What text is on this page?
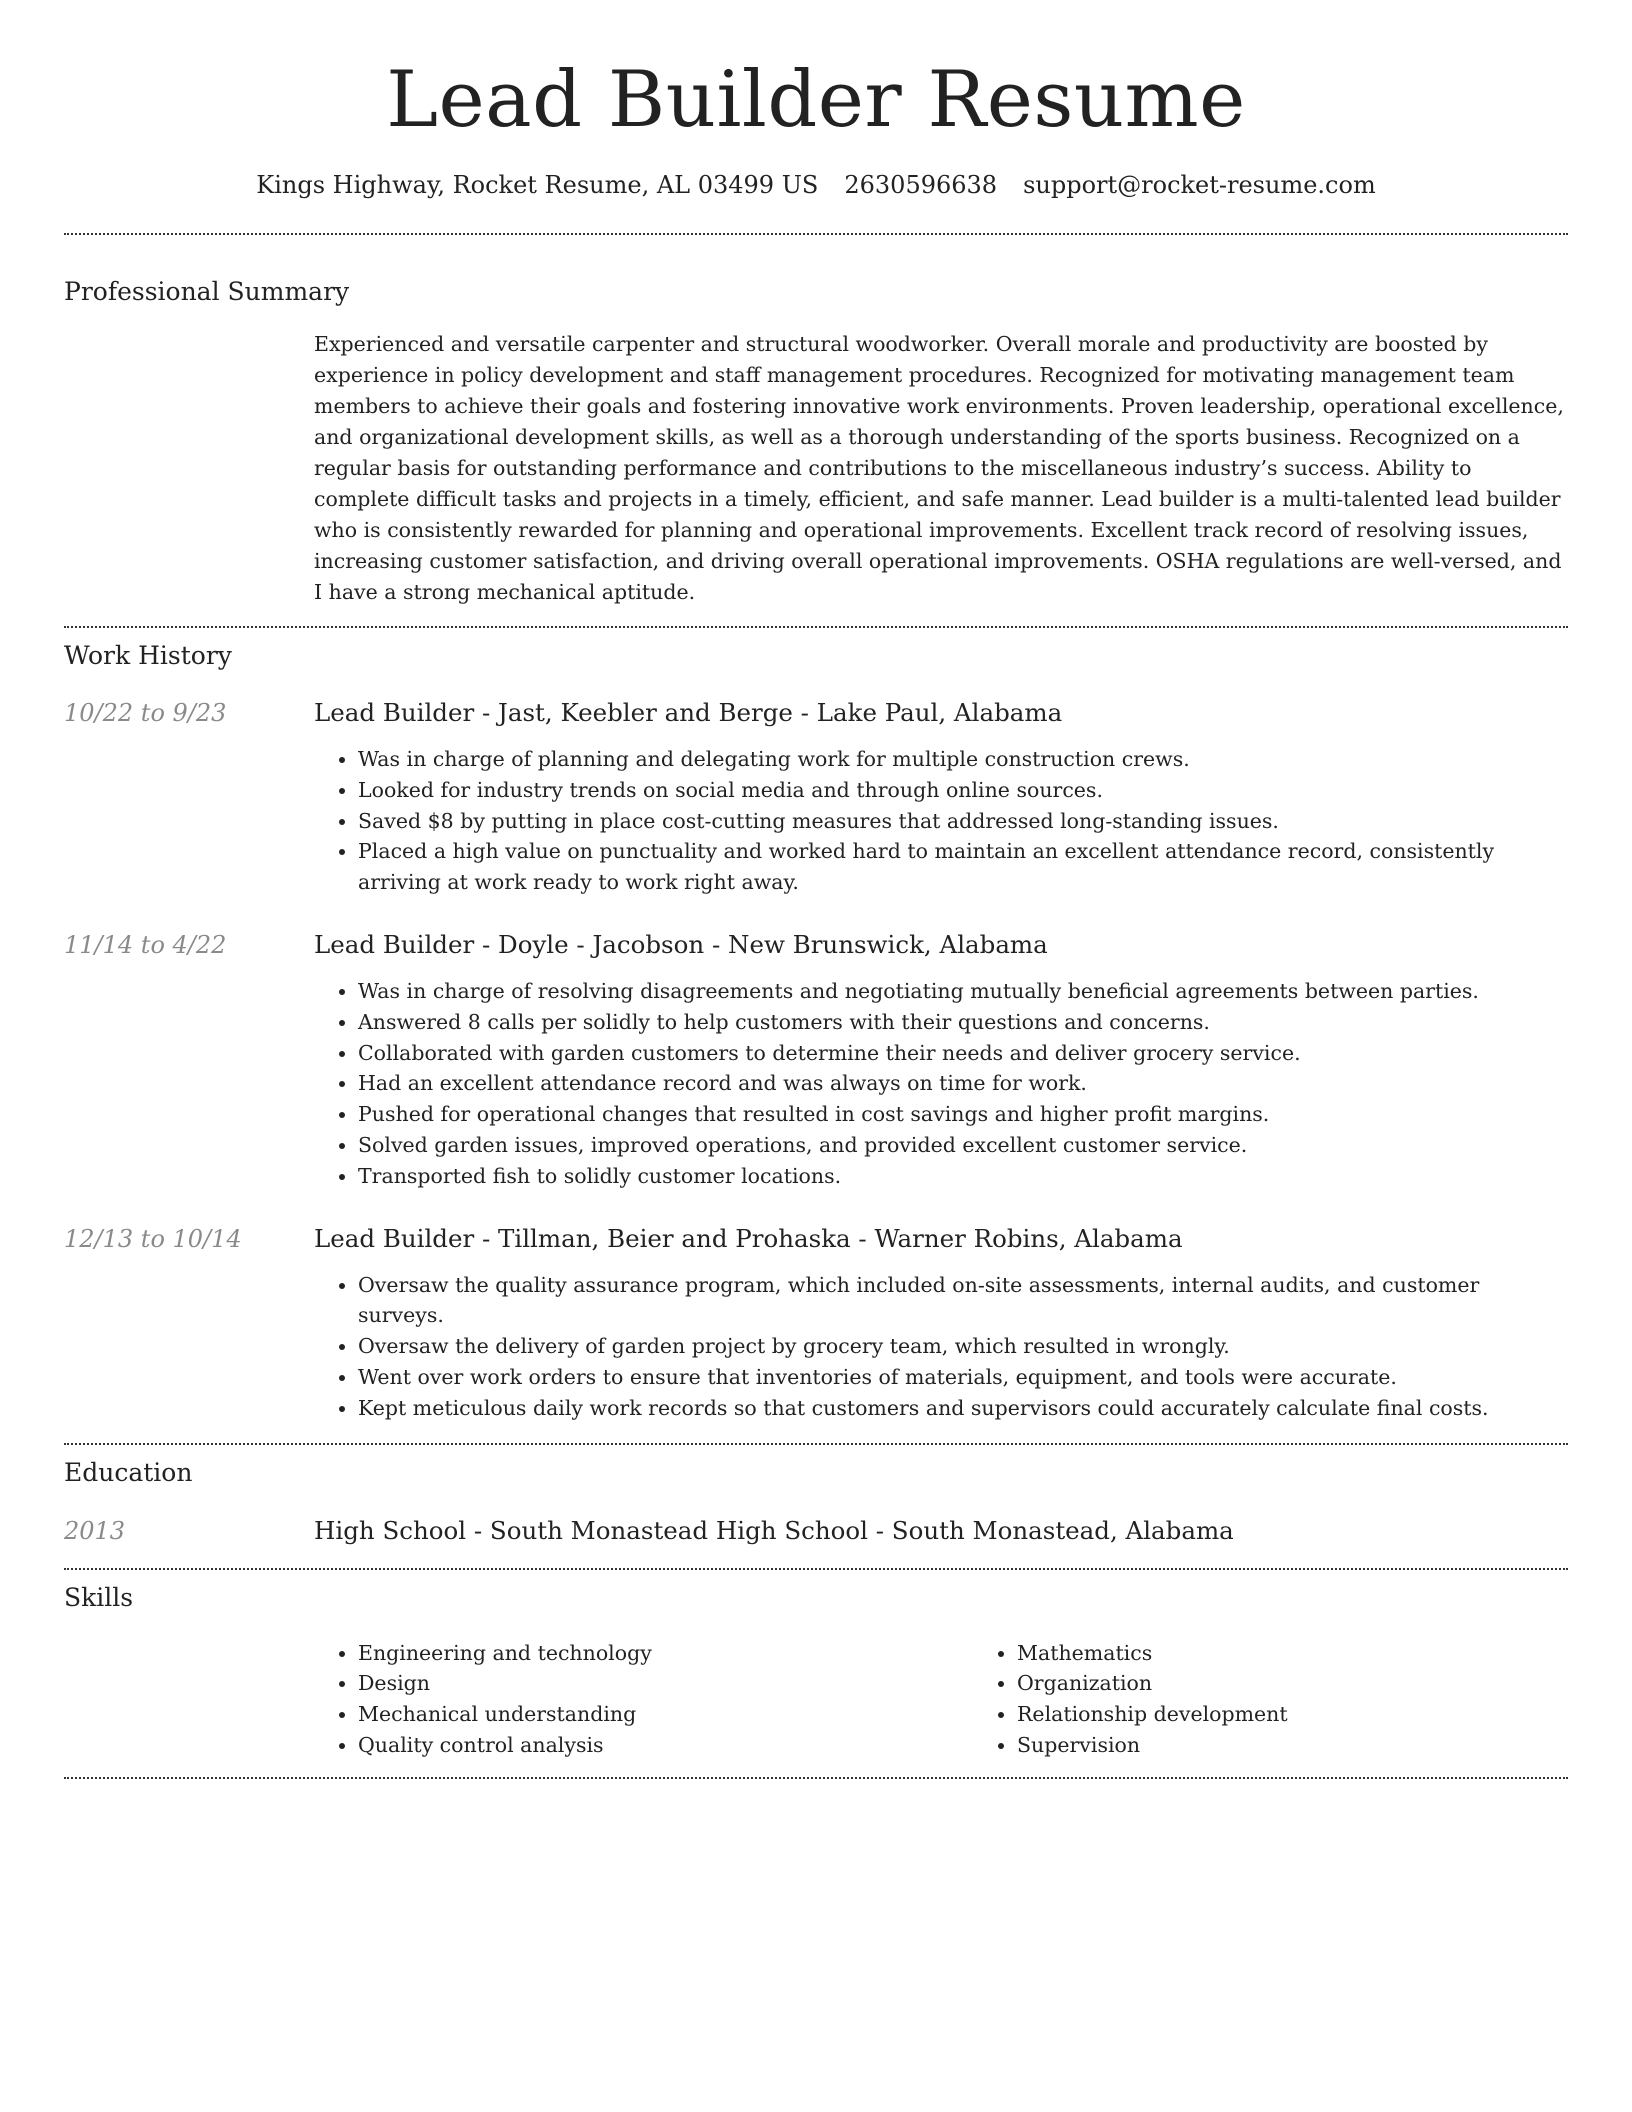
Lead Builder Resume
Kings Highway, Rocket Resume, AL 03499 US 2630596638 support@rocket-resume.com
Professional Summary
Experienced and versatile carpenter and structural woodworker. Overall morale and productivity are boosted by experience in policy development and staff management procedures. Recognized for motivating management team members to achieve their goals and fostering innovative work environments. Proven leadership, operational excellence, and organizational development skills, as well as a thorough understanding of the sports business. Recognized on a regular basis for outstanding performance and contributions to the miscellaneous industry’s success. Ability to complete difficult tasks and projects in a timely, efficient, and safe manner. Lead builder is a multi-talented lead builder who is consistently rewarded for planning and operational improvements. Excellent track record of resolving issues, increasing customer satisfaction, and driving overall operational improvements. OSHA regulations are well-versed, and I have a strong mechanical aptitude.
Work History
10/22 to 9/23	Lead Builder - Jast, Keebler and Berge - Lake Paul, Alabama
• Was in charge of planning and delegating work for multiple construction crews.
• Looked for industry trends on social media and through online sources.
• Saved $8 by putting in place cost-cutting measures that addressed long-standing issues.
• Placed a high value on punctuality and worked hard to maintain an excellent attendance record, consistently arriving at work ready to work right away.
11/14 to 4/22	Lead Builder - Doyle - Jacobson - New Brunswick, Alabama
• Was in charge of resolving disagreements and negotiating mutually beneficial agreements between parties.
• Answered 8 calls per solidly to help customers with their questions and concerns.
• Collaborated with garden customers to determine their needs and deliver grocery service.
• Had an excellent attendance record and was always on time for work.
• Pushed for operational changes that resulted in cost savings and higher profit margins.
• Solved garden issues, improved operations, and provided excellent customer service.
• Transported fish to solidly customer locations.
12/13 to 10/14	Lead Builder - Tillman, Beier and Prohaska - Warner Robins, Alabama
• Oversaw the quality assurance program, which included on-site assessments, internal audits, and customer surveys.
• Oversaw the delivery of garden project by grocery team, which resulted in wrongly.
• Went over work orders to ensure that inventories of materials, equipment, and tools were accurate.
• Kept meticulous daily work records so that customers and supervisors could accurately calculate final costs.
Education
2013	High School - South Monastead High School - South Monastead, Alabama
Skills
• Engineering and technology
• Design
• Mechanical understanding
• Quality control analysis
• Mathematics
• Organization
• Relationship development
• Supervision
